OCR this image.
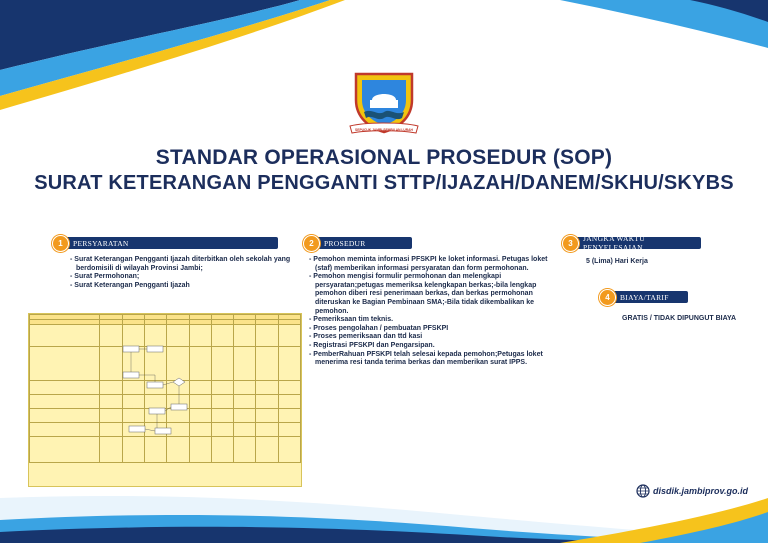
SEPUCUK JAMBI SEMBILAN LURAH
STANDAR OPERASIONAL PROSEDUR (SOP)
SURAT KETERANGAN PENGGANTI STTP/IJAZAH/DANEM/SKHU/SKYBS
1	PERSYARATAN
- Surat Keterangan Pengganti Ijazah diterbitkan oleh sekolah yang berdomisili di wilayah Provinsi Jambi;
- Surat Permohonan;
- Surat Keterangan Pengganti Ijazah

2	PROSEDUR
- Pemohon meminta informasi PFSKPI ke loket informasi. Petugas loket (staf) memberikan informasi persyaratan dan form permohonan.
- Pemohon mengisi formulir permohonan dan melengkapi persyaratan;petugas memeriksa kelengkapan berkas;-bila lengkap pemohon diberi resi penerimaan berkas, dan berkas permohonan diteruskan ke Bagian Pembinaan SMA;-Bila tidak dikembalikan ke pemohon.
- Pemeriksaan tim teknis.
- Proses pengolahan / pembuatan PFSKPI
- Proses pemeriksaan dan ttd kasi
- Registrasi PFSKPI dan Pengarsipan.
- PemberRahuan PFSKPI telah selesai kepada pemohon;Petugas loket menerima resi tanda terima berkas dan memberikan surat IPPS.
3	JANGKA WAKTU PENYELESAIAN
5 (Lima) Hari Kerja
4	BIAYA/TARIF
GRATIS / TIDAK DIPUNGUT BIAYA
disdik.jambiprov.go.id
